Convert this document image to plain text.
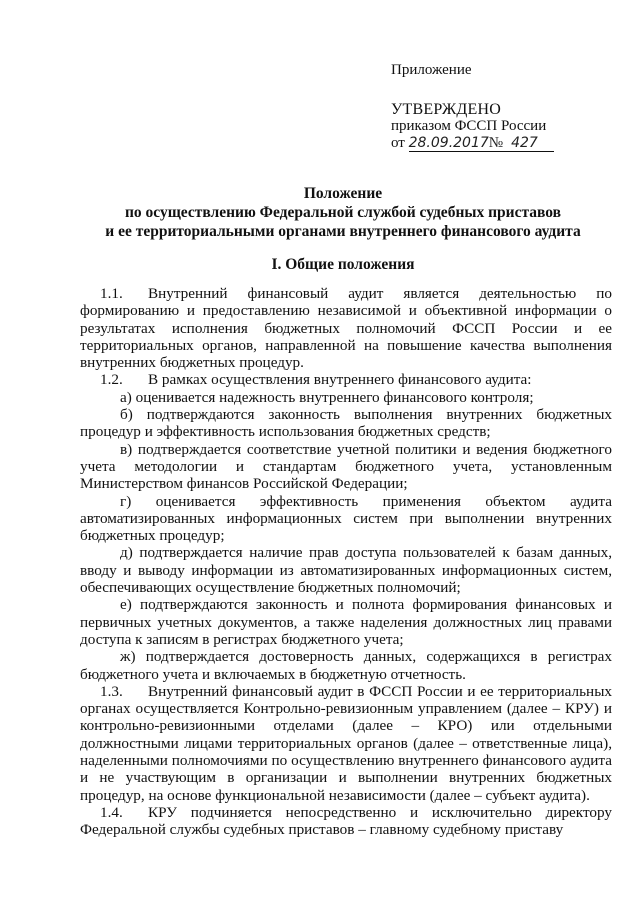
Приложение
УТВЕРЖДЕНО
приказом ФССП России
от 28.09.2017№ 427
Положение
по осуществлению Федеральной службой судебных приставов
и ее территориальными органами внутреннего финансового аудита
I. Общие положения

1.1. Внутренний финансовый аудит является деятельностью по формированию и предоставлению независимой и объективной информации о результатах исполнения бюджетных полномочий ФССП России и ее территориальных органов, направленной на повышение качества выполнения внутренних бюджетных процедур.

1.2. В рамках осуществления внутреннего финансового аудита:

а) оценивается надежность внутреннего финансового контроля;

б) подтверждаются законность выполнения внутренних бюджетных процедур и эффективность использования бюджетных средств;

в) подтверждается соответствие учетной политики и ведения бюджетного учета методологии и стандартам бюджетного учета, установленным Министерством финансов Российской Федерации;

г) оценивается эффективность применения объектом аудита автоматизированных информационных систем при выполнении внутренних бюджетных процедур;

д) подтверждается наличие прав доступа пользователей к базам данных, вводу и выводу информации из автоматизированных информационных систем, обеспечивающих осуществление бюджетных полномочий;

е) подтверждаются законность и полнота формирования финансовых и первичных учетных документов, а также наделения должностных лиц правами доступа к записям в регистрах бюджетного учета;

ж) подтверждается достоверность данных, содержащихся в регистрах бюджетного учета и включаемых в бюджетную отчетность.

1.3. Внутренний финансовый аудит в ФССП России и ее территориальных органах осуществляется Контрольно-ревизионным управлением (далее – КРУ) и контрольно-ревизионными отделами (далее – КРО) или отдельными должностными лицами территориальных органов (далее – ответственные лица), наделенными полномочиями по осуществлению внутреннего финансового аудита и не участвующим в организации и выполнении внутренних бюджетных процедур, на основе функциональной независимости (далее – субъект аудита).

1.4. КРУ подчиняется непосредственно и исключительно директору Федеральной службы судебных приставов – главному судебному приставу
